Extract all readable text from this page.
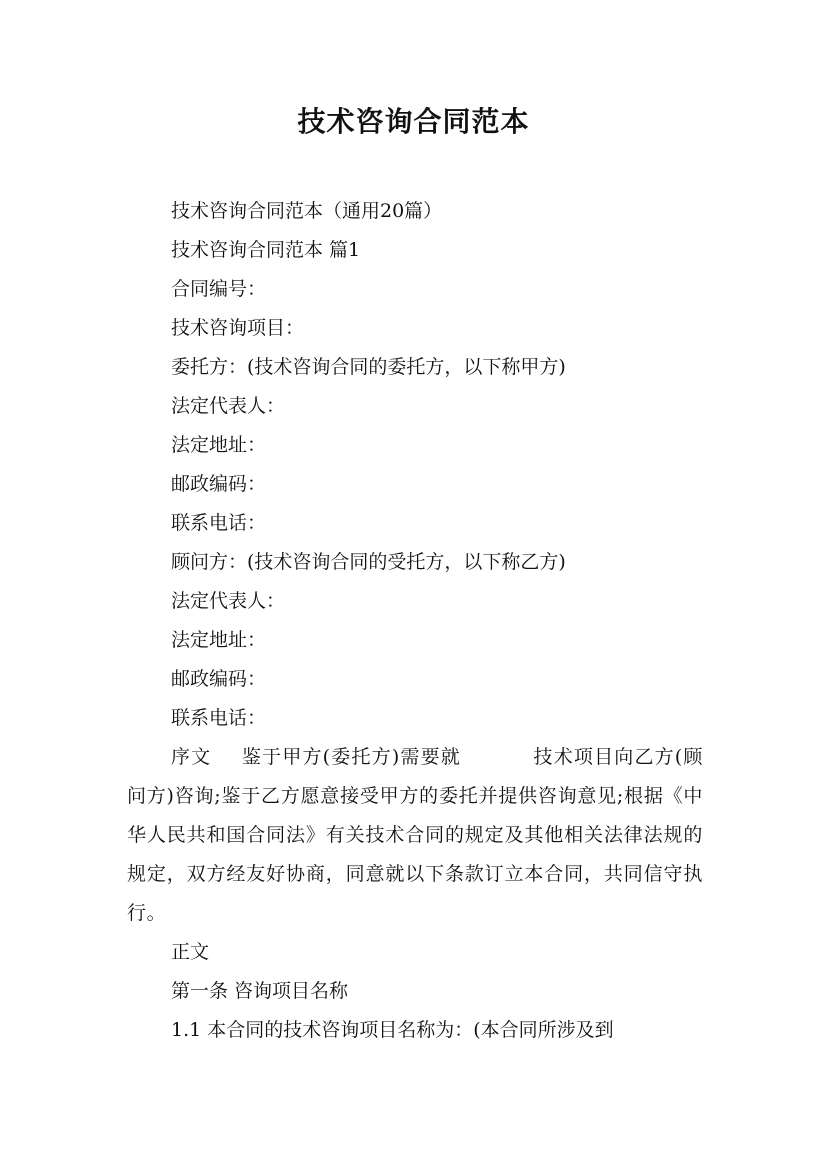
技术咨询合同范本
技术咨询合同范本（通用20篇）
技术咨询合同范本 篇1
合同编号：
技术咨询项目：
委托方：(技术咨询合同的委托方，以下称甲方)
法定代表人：
法定地址：
邮政编码：
联系电话：
顾问方：(技术咨询合同的受托方，以下称乙方)
法定代表人：
法定地址：
邮政编码：
联系电话：
序文 鉴于甲方(委托方)需要就	技术项目向乙方(顾问方)咨询;鉴于乙方愿意接受甲方的委托并提供咨询意见;根据《中华人民共和国合同法》有关技术合同的规定及其他相关法律法规的规定，双方经友好协商，同意就以下条款订立本合同，共同信守执行。
正文
第一条 咨询项目名称
1.1 本合同的技术咨询项目名称为：(本合同所涉及到
